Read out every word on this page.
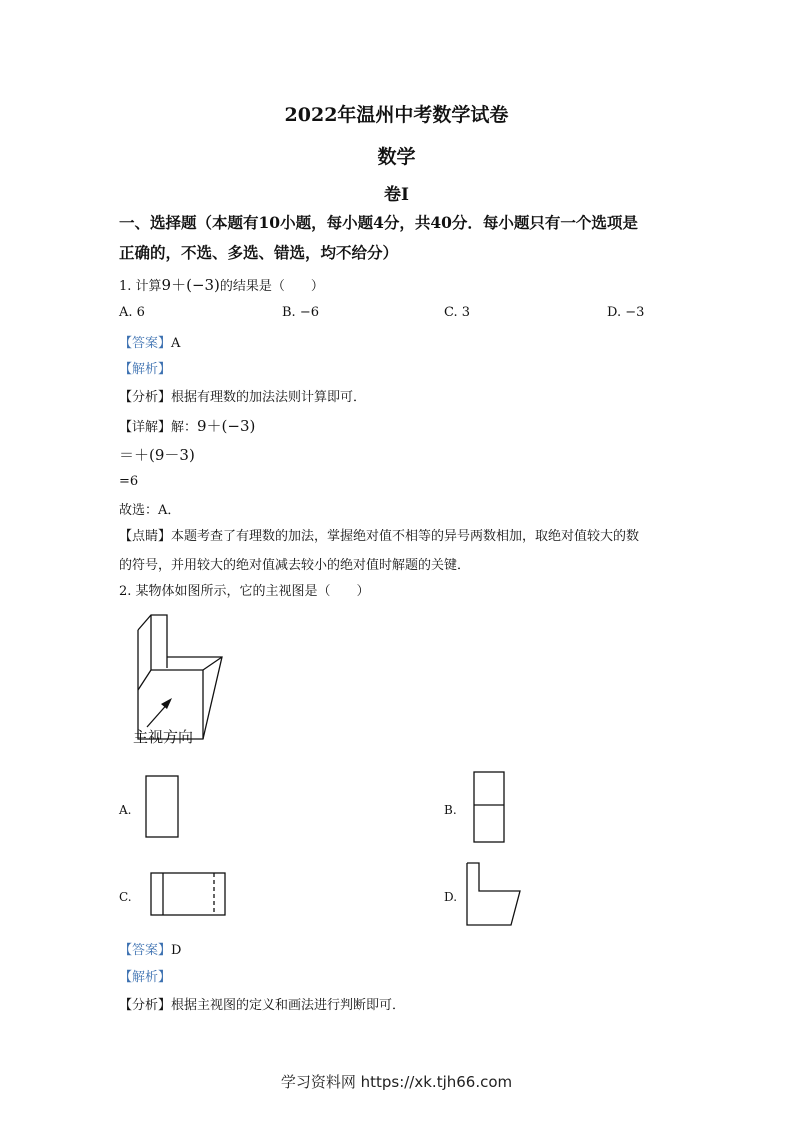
2022年温州中考数学试卷
数学
卷I
一、选择题（本题有10小题，每小题4分，共40分．每小题只有一个选项是
正确的，不选、多选、错选，均不给分）
1. 计算9＋(−3)的结果是（　　）
A. 6	B. −6	C. 3	D. −3
【答案】A
【解析】
【分析】根据有理数的加法法则计算即可．
【详解】解：9＋(−3)
＝＋(9－3)
=6
故选：A．
【点睛】本题考查了有理数的加法，掌握绝对值不相等的异号两数相加，取绝对值较大的数
的符号，并用较大的绝对值减去较小的绝对值时解题的关键．
2. 某物体如图所示，它的主视图是（　　）
主视方向
A.	B.
C.	D.
【答案】D
【解析】
【分析】根据主视图的定义和画法进行判断即可．
学习资料网 https://xk.tjh66.com
